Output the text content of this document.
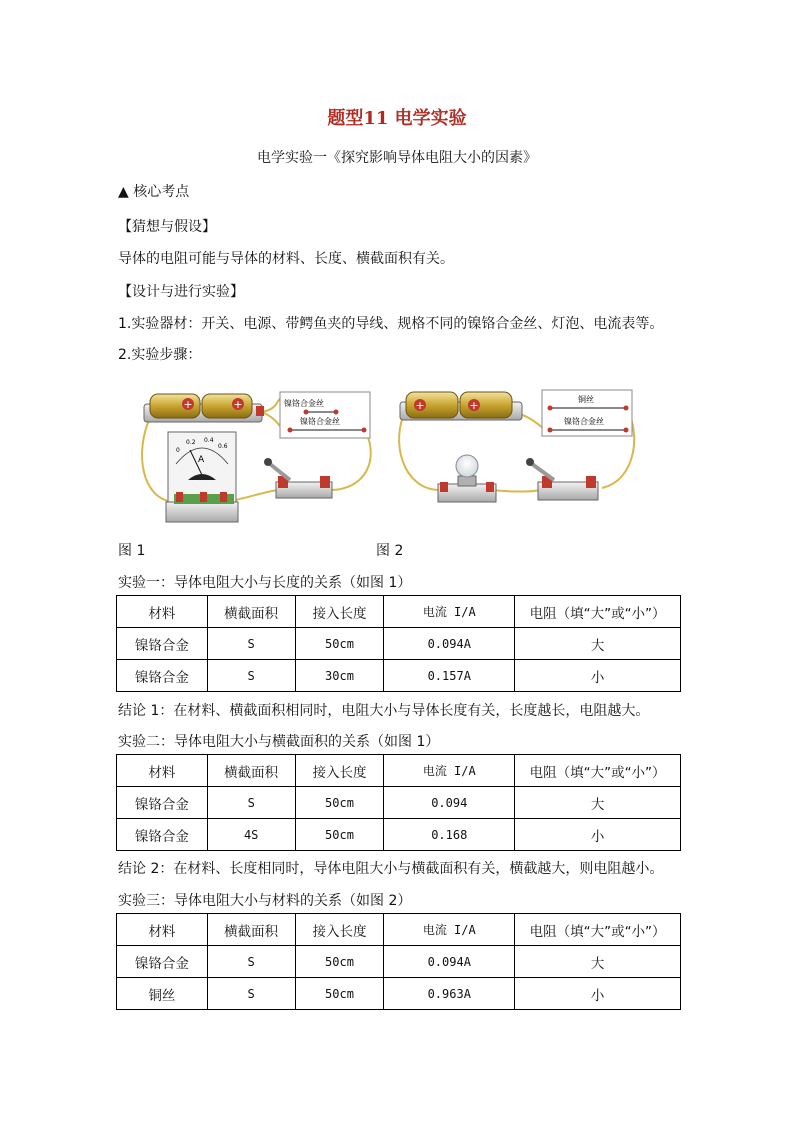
题型11 电学实验
电学实验一《探究影响导体电阻大小的因素》
▲ 核心考点
【猜想与假设】
导体的电阻可能与导体的材料、长度、横截面积有关。
【设计与进行实验】
1.实验器材：开关、电源、带鳄鱼夹的导线、规格不同的镍铬合金丝、灯泡、电流表等。
2.实验步骤：
+	+	镍铬合金丝
镍铬合金丝
0
0.2 0.4
0.6
A
+	+	铜丝
镍铬合金丝
图 1	图 2
实验一：导体电阻大小与长度的关系（如图 1）
材料	横截面积	接入长度	电流 I/A	电阻（填“大”或“小”）
镍铬合金	S	50cm	0.094A	大
镍铬合金	S	30cm	0.157A	小
结论 1：在材料、横截面积相同时，电阻大小与导体长度有关，长度越长，电阻越大。
实验二：导体电阻大小与横截面积的关系（如图 1）
材料	横截面积	接入长度	电流 I/A	电阻（填“大”或“小”）
镍铬合金	S	50cm	0.094	大
镍铬合金	4S	50cm	0.168	小
结论 2：在材料、长度相同时，导体电阻大小与横截面积有关，横截越大，则电阻越小。
实验三：导体电阻大小与材料的关系（如图 2）
材料	横截面积	接入长度	电流 I/A	电阻（填“大”或“小”）
镍铬合金	S	50cm	0.094A	大
铜丝	S	50cm	0.963A	小
